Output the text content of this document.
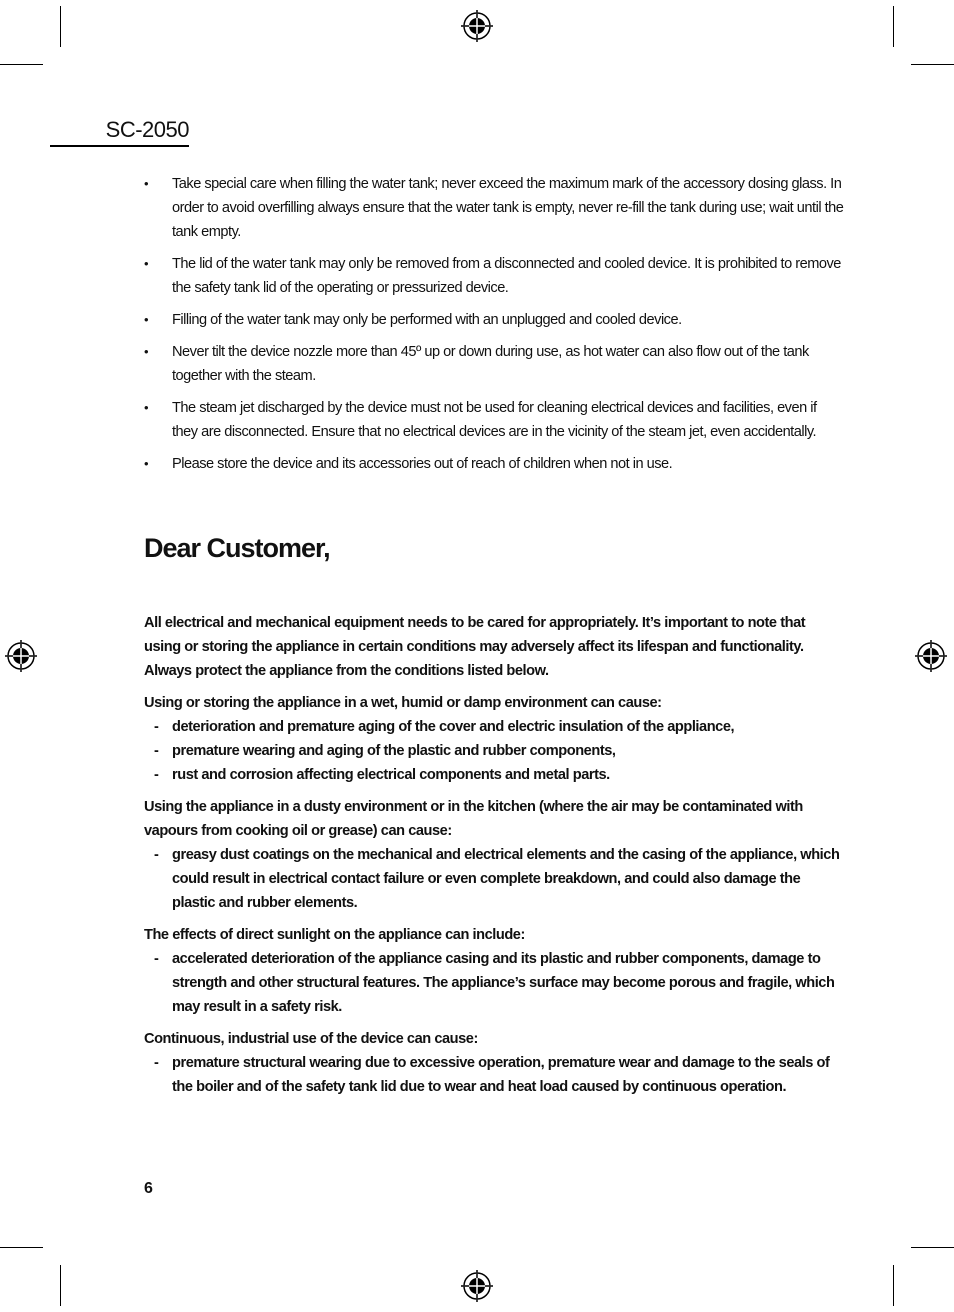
SC-2050
• Take special care when filling the water tank; never exceed the maximum mark of the accessory dosing glass. In order to avoid overfilling always ensure that the water tank is empty, never re-fill the tank during use; wait until the tank empty.
• The lid of the water tank may only be removed from a disconnected and cooled device. It is prohibited to remove the safety tank lid of the operating or pressurized device.
• Filling of the water tank may only be performed with an unplugged and cooled device.
• Never tilt the device nozzle more than 45º up or down during use, as hot water can also flow out of the tank together with the steam.
• The steam jet discharged by the device must not be used for cleaning electrical devices and facilities, even if they are disconnected. Ensure that no electrical devices are in the vicinity of the steam jet, even accidentally.
• Please store the device and its accessories out of reach of children when not in use.
Dear Customer,

All electrical and mechanical equipment needs to be cared for appropriately. It’s important to note that using or storing the appliance in certain conditions may adversely affect its lifespan and functionality. Always protect the appliance from the conditions listed below.

Using or storing the appliance in a wet, humid or damp environment can cause:

- deterioration and premature aging of the cover and electric insulation of the appliance,
- premature wearing and aging of the plastic and rubber components,
- rust and corrosion affecting electrical components and metal parts.

Using the appliance in a dusty environment or in the kitchen (where the air may be contaminated with vapours from cooking oil or grease) can cause:

- greasy dust coatings on the mechanical and electrical elements and the casing of the appliance, which could result in electrical contact failure or even complete breakdown, and could also damage the plastic and rubber elements.

The effects of direct sunlight on the appliance can include:

- accelerated deterioration of the appliance casing and its plastic and rubber components, damage to strength and other structural features. The appliance’s surface may become porous and fragile, which may result in a safety risk.

Continuous, industrial use of the device can cause:

- premature structural wearing due to excessive operation, premature wear and damage to the seals of the boiler and of the safety tank lid due to wear and heat load caused by continuous operation.
6
